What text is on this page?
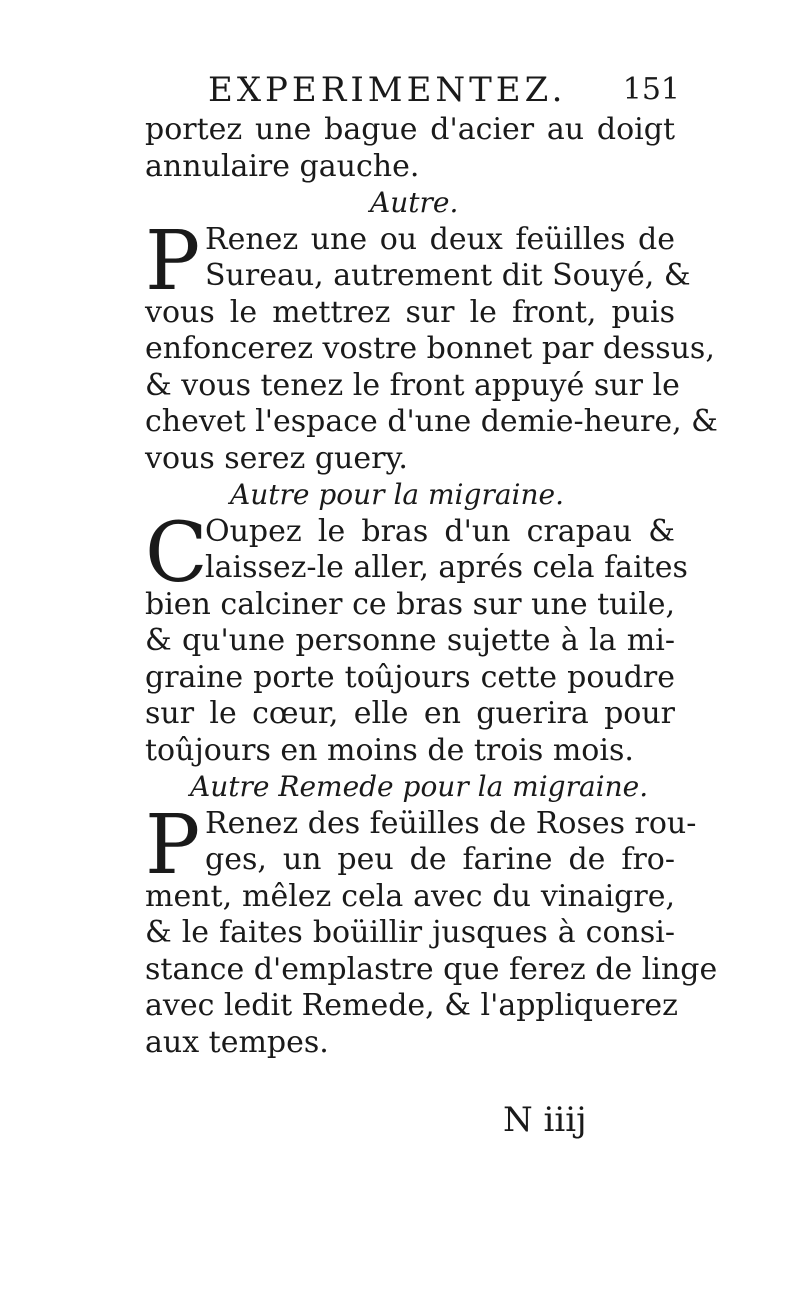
EXPERIMENTEZ. 151
portez une bague d'acier au doigt
annulaire gauche.
Autre.
P Renez une ou deux feüilles de
Sureau, autrement dit Souyé, &
vous le mettrez sur le front, puis
enfoncerez vostre bonnet par dessus,
& vous tenez le front appuyé sur le
chevet l'espace d'une demie-heure, &
vous serez guery.
Autre pour la migraine.
C
Oupez le bras d'un crapau &
laissez-le aller, aprés cela faites
bien calciner ce bras sur une tuile,
& qu'une personne sujette à la mi-
graine porte toûjours cette poudre
sur le cœur, elle en guerira pour
toûjours en moins de trois mois.
Autre Remede pour la migraine.
P Renez des feüilles de Roses rou-
ges, un peu de farine de fro-
ment, mêlez cela avec du vinaigre,
& le faites boüillir jusques à consi-
stance d'emplastre que ferez de linge
avec ledit Remede, & l'appliquerez
aux tempes.
N iiij
